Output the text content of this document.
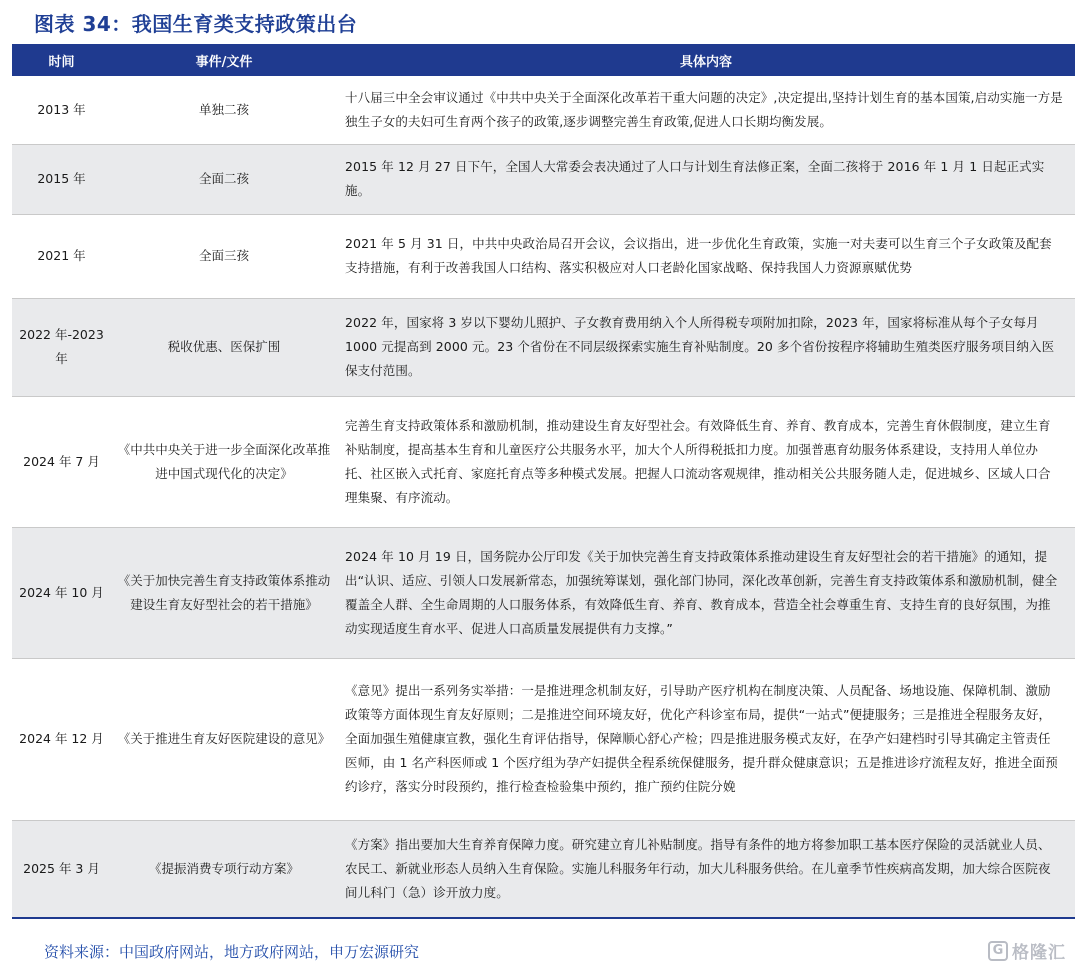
图表 34：我国生育类支持政策出台
时间	事件/文件	具体内容
2013 年	单独二孩	十八届三中全会审议通过《中共中央关于全面深化改革若干重大问题的决定》,决定提出,坚持计划生育的基本国策,启动实施一方是独生子女的夫妇可生育两个孩子的政策,逐步调整完善生育政策,促进人口长期均衡发展。
2015 年	全面二孩	2015 年 12 月 27 日下午，全国人大常委会表决通过了人口与计划生育法修正案，全面二孩将于 2016 年 1 月 1 日起正式实施。
2021 年	全面三孩	2021 年 5 月 31 日，中共中央政治局召开会议，会议指出，进一步优化生育政策，实施一对夫妻可以生育三个子女政策及配套支持措施，有利于改善我国人口结构、落实积极应对人口老龄化国家战略、保持我国人力资源禀赋优势
2022 年-2023 年	税收优惠、医保扩围	2022 年，国家将 3 岁以下婴幼儿照护、子女教育费用纳入个人所得税专项附加扣除，2023 年，国家将标准从每个子女每月 1000 元提高到 2000 元。23 个省份在不同层级探索实施生育补贴制度。20 多个省份按程序将辅助生殖类医疗服务项目纳入医保支付范围。
2024 年 7 月	《中共中央关于进一步全面深化改革推进中国式现代化的决定》	完善生育支持政策体系和激励机制，推动建设生育友好型社会。有效降低生育、养育、教育成本，完善生育休假制度，建立生育补贴制度，提高基本生育和儿童医疗公共服务水平，加大个人所得税抵扣力度。加强普惠育幼服务体系建设，支持用人单位办托、社区嵌入式托育、家庭托育点等多种模式发展。把握人口流动客观规律，推动相关公共服务随人走，促进城乡、区域人口合理集聚、有序流动。
2024 年 10 月	《关于加快完善生育支持政策体系推动建设生育友好型社会的若干措施》	2024 年 10 月 19 日，国务院办公厅印发《关于加快完善生育支持政策体系推动建设生育友好型社会的若干措施》的通知，提出“认识、适应、引领人口发展新常态，加强统筹谋划，强化部门协同，深化改革创新，完善生育支持政策体系和激励机制，健全覆盖全人群、全生命周期的人口服务体系，有效降低生育、养育、教育成本，营造全社会尊重生育、支持生育的良好氛围，为推动实现适度生育水平、促进人口高质量发展提供有力支撑。”
2024 年 12 月	《关于推进生育友好医院建设的意见》	《意见》提出一系列务实举措：一是推进理念机制友好，引导助产医疗机构在制度决策、人员配备、场地设施、保障机制、激励政策等方面体现生育友好原则；二是推进空间环境友好，优化产科诊室布局，提供“一站式”便捷服务；三是推进全程服务友好，全面加强生殖健康宣教，强化生育评估指导，保障顺心舒心产检；四是推进服务模式友好，在孕产妇建档时引导其确定主管责任医师，由 1 名产科医师或 1 个医疗组为孕产妇提供全程系统保健服务，提升群众健康意识；五是推进诊疗流程友好，推进全面预约诊疗，落实分时段预约，推行检查检验集中预约，推广预约住院分娩
2025 年 3 月	《提振消费专项行动方案》	《方案》指出要加大生育养育保障力度。研究建立育儿补贴制度。指导有条件的地方将参加职工基本医疗保险的灵活就业人员、农民工、新就业形态人员纳入生育保险。实施儿科服务年行动，加大儿科服务供给。在儿童季节性疾病高发期，加大综合医院夜间儿科门（急）诊开放力度。
资料来源：中国政府网站，地方政府网站，申万宏源研究	G 格隆汇
